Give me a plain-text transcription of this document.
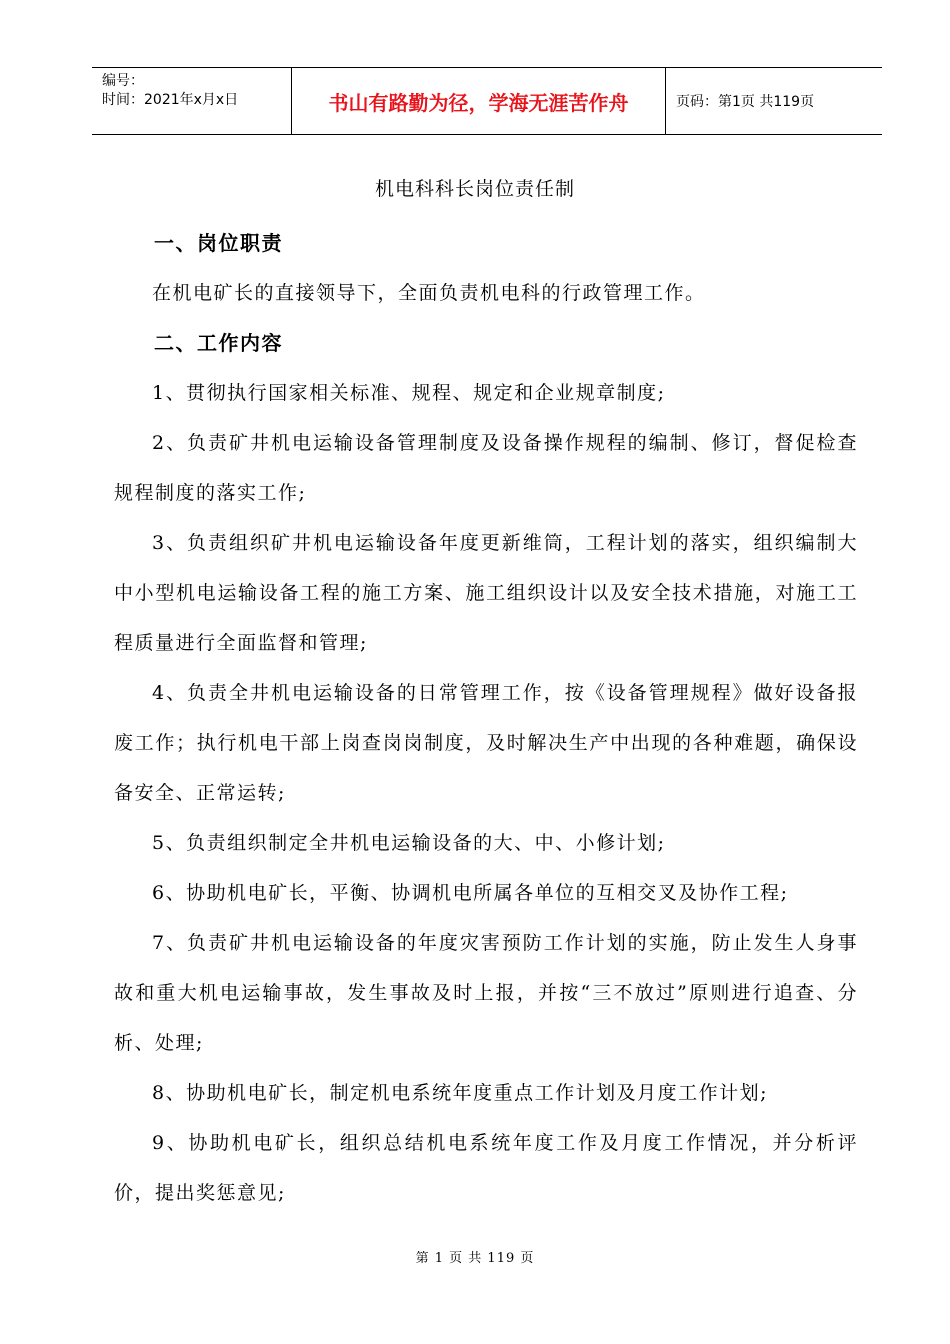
编号：
时间：2021年x月x日	书山有路勤为径，学海无涯苦作舟	页码：第1页 共119页
机电科科长岗位责任制
一、岗位职责

在机电矿长的直接领导下，全面负责机电科的行政管理工作。

二、工作内容

1、贯彻执行国家相关标准、规程、规定和企业规章制度;

2、负责矿井机电运输设备管理制度及设备操作规程的编制、修订，督促检查规程制度的落实工作;

3、负责组织矿井机电运输设备年度更新维筒，工程计划的落实，组织编制大中小型机电运输设备工程的施工方案、施工组织设计以及安全技术措施，对施工工程质量进行全面监督和管理;

4、负责全井机电运输设备的日常管理工作，按《设备管理规程》做好设备报废工作；执行机电干部上岗查岗岗制度，及时解决生产中出现的各种难题，确保设备安全、正常运转;

5、负责组织制定全井机电运输设备的大、中、小修计划;

6、协助机电矿长，平衡、协调机电所属各单位的互相交叉及协作工程;

7、负责矿井机电运输设备的年度灾害预防工作计划的实施，防止发生人身事故和重大机电运输事故，发生事故及时上报，并按“三不放过”原则进行追查、分析、处理;

8、协助机电矿长，制定机电系统年度重点工作计划及月度工作计划;

9、协助机电矿长，组织总结机电系统年度工作及月度工作情况，并分析评价，提出奖惩意见;

第 1 页 共 119 页
